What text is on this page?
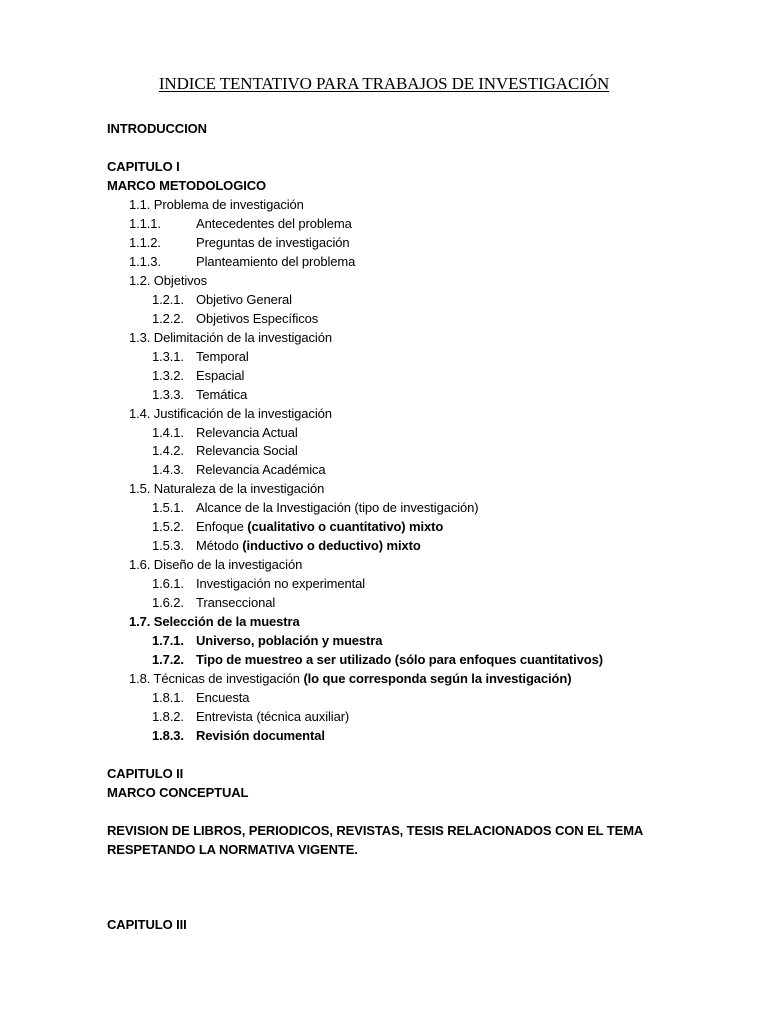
INDICE TENTATIVO PARA TRABAJOS DE INVESTIGACIÓN
INTRODUCCION
CAPITULO I
MARCO METODOLOGICO
1.1. Problema de investigación
1.1.1.	Antecedentes del problema
1.1.2.	Preguntas de investigación
1.1.3.	Planteamiento del problema
1.2. Objetivos
1.2.1. Objetivo General
1.2.2. Objetivos Específicos
1.3. Delimitación de la investigación
1.3.1. Temporal
1.3.2. Espacial
1.3.3. Temática
1.4. Justificación de la investigación
1.4.1. Relevancia Actual
1.4.2. Relevancia Social
1.4.3. Relevancia Académica
1.5. Naturaleza de la investigación
1.5.1. Alcance de la Investigación (tipo de investigación)
1.5.2. Enfoque (cualitativo o cuantitativo) mixto
1.5.3. Método (inductivo o deductivo) mixto
1.6. Diseño de la investigación
1.6.1. Investigación no experimental
1.6.2. Transeccional
1.7. Selección de la muestra
1.7.1. Universo, población y muestra
1.7.2. Tipo de muestreo a ser utilizado (sólo para enfoques cuantitativos)
1.8. Técnicas de investigación (lo que corresponda según la investigación)
1.8.1. Encuesta
1.8.2. Entrevista (técnica auxiliar)
1.8.3. Revisión documental
CAPITULO II
MARCO CONCEPTUAL
REVISION DE LIBROS, PERIODICOS, REVISTAS, TESIS RELACIONADOS CON EL TEMA
RESPETANDO LA NORMATIVA VIGENTE.
CAPITULO III
